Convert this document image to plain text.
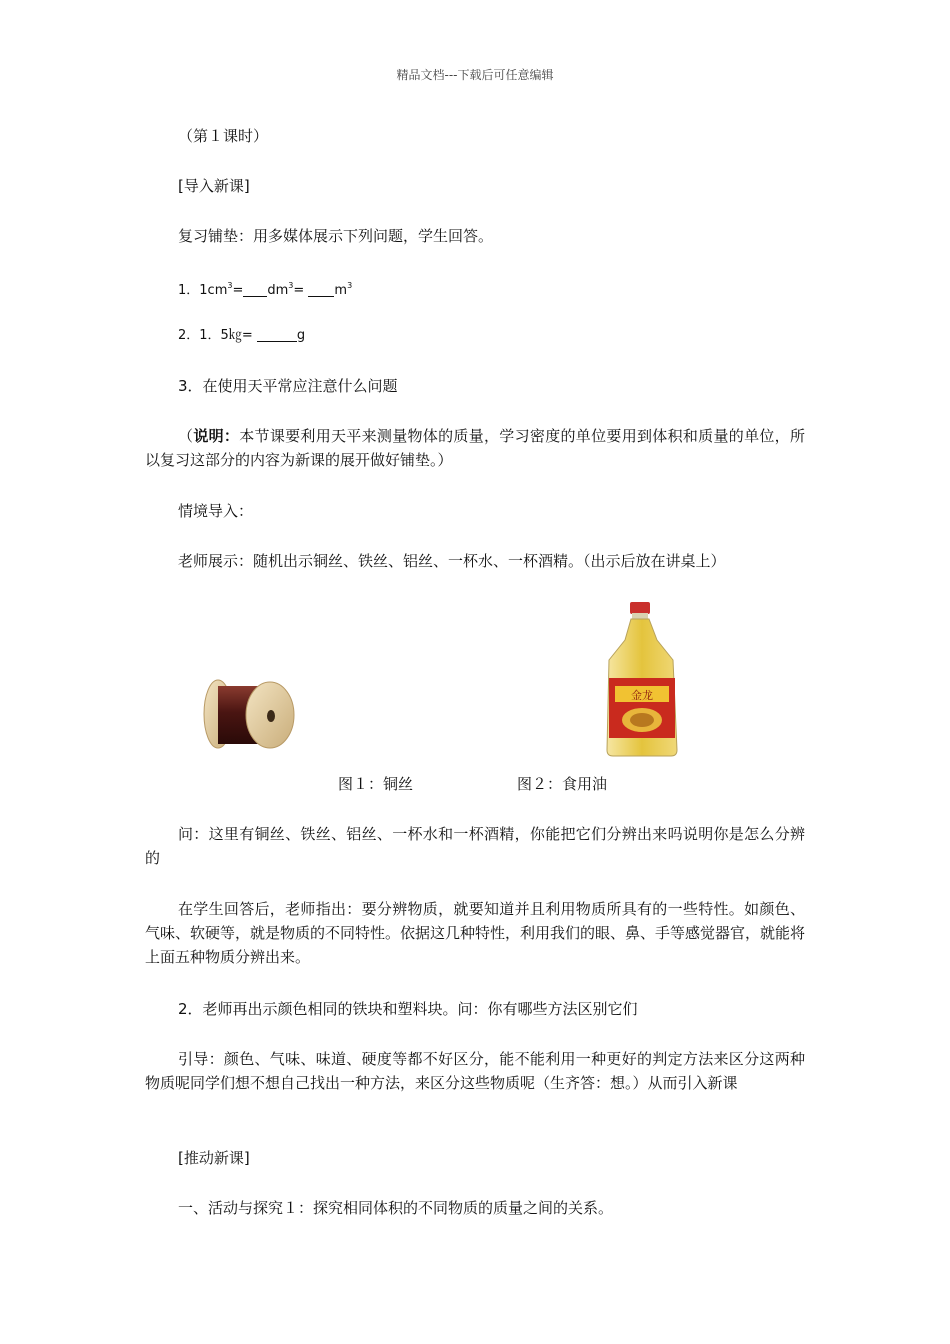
精品文档---下载后可任意编辑
（第１课时）
[导入新课]
复习铺垫：用多媒体展示下列问题，学生回答。
1．$1cm^3= dm^3= m^3$
2．1．5㎏=	g
3．在使用天平常应注意什么问题
（说明：本节课要利用天平来测量物体的质量，学习密度的单位要用到体积和质量的单位，所以复习这部分的内容为新课的展开做好铺垫。）
情境导入：
老师展示：随机出示铜丝、铁丝、铝丝、一杯水、一杯酒精。（出示后放在讲桌上）
金龙
图１：铜丝	图２：食用油
问：这里有铜丝、铁丝、铝丝、一杯水和一杯酒精，你能把它们分辨出来吗说明你是怎么分辨的
在学生回答后，老师指出：要分辨物质，就要知道并且利用物质所具有的一些特性。如颜色、气味、软硬等，就是物质的不同特性。依据这几种特性，利用我们的眼、鼻、手等感觉器官，就能将上面五种物质分辨出来。
2．老师再出示颜色相同的铁块和塑料块。问：你有哪些方法区别它们
引导：颜色、气味、味道、硬度等都不好区分，能不能利用一种更好的判定方法来区分这两种物质呢同学们想不想自己找出一种方法，来区分这些物质呢（生齐答：想。）从而引入新课
[推动新课]
一、活动与探究１：探究相同体积的不同物质的质量之间的关系。
